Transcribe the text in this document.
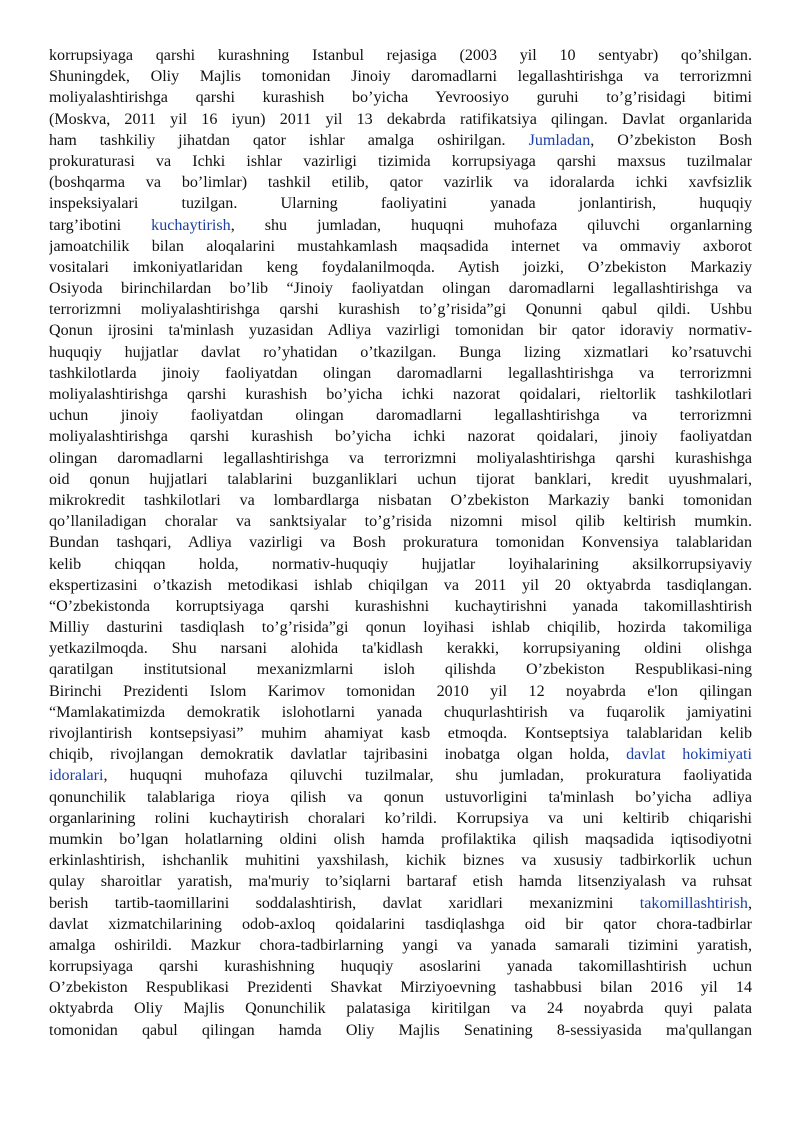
korrupsiyaga qarshi kurashning Istanbul rejasiga (2003 yil 10 sentyabr) qo’shilgan.
Shuningdek, Oliy Majlis tomonidan Jinoiy daromadlarni legallashtirishga va terrorizmni
moliyalashtirishga qarshi kurashish bo’yicha Yevroosiyo guruhi to’g’risidagi bitimi
(Moskva, 2011 yil 16 iyun) 2011 yil 13 dekabrda ratifikatsiya qilingan. Davlat organlarida
ham tashkiliy jihatdan qator ishlar amalga oshirilgan. Jumladan, O’zbekiston Bosh
prokuraturasi va Ichki ishlar vazirligi tizimida korrupsiyaga qarshi maxsus tuzilmalar
(boshqarma va bo’limlar) tashkil etilib, qator vazirlik va idoralarda ichki xavfsizlik
inspeksiyalari tuzilgan. Ularning faoliyatini yanada jonlantirish, huquqiy
targ’ibotini kuchaytirish, shu jumladan, huquqni muhofaza qiluvchi organlarning
jamoatchilik bilan aloqalarini mustahkamlash maqsadida internet va ommaviy axborot
vositalari imkoniyatlaridan keng foydalanilmoqda. Aytish joizki, O’zbekiston Markaziy
Osiyoda birinchilardan bo’lib “Jinoiy faoliyatdan olingan daromadlarni legallashtirishga va
terrorizmni moliyalashtirishga qarshi kurashish to’g’risida”gi Qonunni qabul qildi. Ushbu
Qonun ijrosini ta'minlash yuzasidan Adliya vazirligi tomonidan bir qator idoraviy normativ-
huquqiy hujjatlar davlat ro’yhatidan o’tkazilgan. Bunga lizing xizmatlari ko’rsatuvchi
tashkilotlarda jinoiy faoliyatdan olingan daromadlarni legallashtirishga va terrorizmni
moliyalashtirishga qarshi kurashish bo’yicha ichki nazorat qoidalari, rieltorlik tashkilotlari
uchun jinoiy faoliyatdan olingan daromadlarni legallashtirishga va terrorizmni
moliyalashtirishga qarshi kurashish bo’yicha ichki nazorat qoidalari, jinoiy faoliyatdan
olingan daromadlarni legallashtirishga va terrorizmni moliyalashtirishga qarshi kurashishga
oid qonun hujjatlari talablarini buzganliklari uchun tijorat banklari, kredit uyushmalari,
mikrokredit tashkilotlari va lombardlarga nisbatan O’zbekiston Markaziy banki tomonidan
qo’llaniladigan choralar va sanktsiyalar to’g’risida nizomni misol qilib keltirish mumkin.
Bundan tashqari, Adliya vazirligi va Bosh prokuratura tomonidan Konvensiya talablaridan
kelib chiqqan holda, normativ-huquqiy hujjatlar loyihalarining aksilkorrupsiyaviy
ekspertizasini o’tkazish metodikasi ishlab chiqilgan va 2011 yil 20 oktyabrda tasdiqlangan.
“O’zbekistonda korruptsiyaga qarshi kurashishni kuchaytirishni yanada takomillashtirish
Milliy dasturini tasdiqlash to’g’risida”gi qonun loyihasi ishlab chiqilib, hozirda takomiliga
yetkazilmoqda. Shu narsani alohida ta'kidlash kerakki, korrupsiyaning oldini olishga
qaratilgan institutsional mexanizmlarni isloh qilishda O’zbekiston Respublikasi-ning
Birinchi Prezidenti Islom Karimov tomonidan 2010 yil 12 noyabrda e'lon qilingan
“Mamlakatimizda demokratik islohotlarni yanada chuqurlashtirish va fuqarolik jamiyatini
rivojlantirish kontsepsiyasi” muhim ahamiyat kasb etmoqda. Kontseptsiya talablaridan kelib
chiqib, rivojlangan demokratik davlatlar tajribasini inobatga olgan holda, davlat hokimiyati
idoralari, huquqni muhofaza qiluvchi tuzilmalar, shu jumladan, prokuratura faoliyatida
qonunchilik talablariga rioya qilish va qonun ustuvorligini ta'minlash bo’yicha adliya
organlarining rolini kuchaytirish choralari ko’rildi. Korrupsiya va uni keltirib chiqarishi
mumkin bo’lgan holatlarning oldini olish hamda profilaktika qilish maqsadida iqtisodiyotni
erkinlashtirish, ishchanlik muhitini yaxshilash, kichik biznes va xususiy tadbirkorlik uchun
qulay sharoitlar yaratish, ma'muriy to’siqlarni bartaraf etish hamda litsenziyalash va ruhsat
berish tartib-taomillarini soddalashtirish, davlat xaridlari mexanizmini takomillashtirish,
davlat xizmatchilarining odob-axloq qoidalarini tasdiqlashga oid bir qator chora-tadbirlar
amalga oshirildi. Mazkur chora-tadbirlarning yangi va yanada samarali tizimini yaratish,
korrupsiyaga qarshi kurashishning huquqiy asoslarini yanada takomillashtirish uchun
O’zbekiston Respublikasi Prezidenti Shavkat Mirziyoevning tashabbusi bilan 2016 yil 14
oktyabrda Oliy Majlis Qonunchilik palatasiga kiritilgan va 24 noyabrda quyi palata
tomonidan qabul qilingan hamda Oliy Majlis Senatining 8-sessiyasida ma'qullangan
